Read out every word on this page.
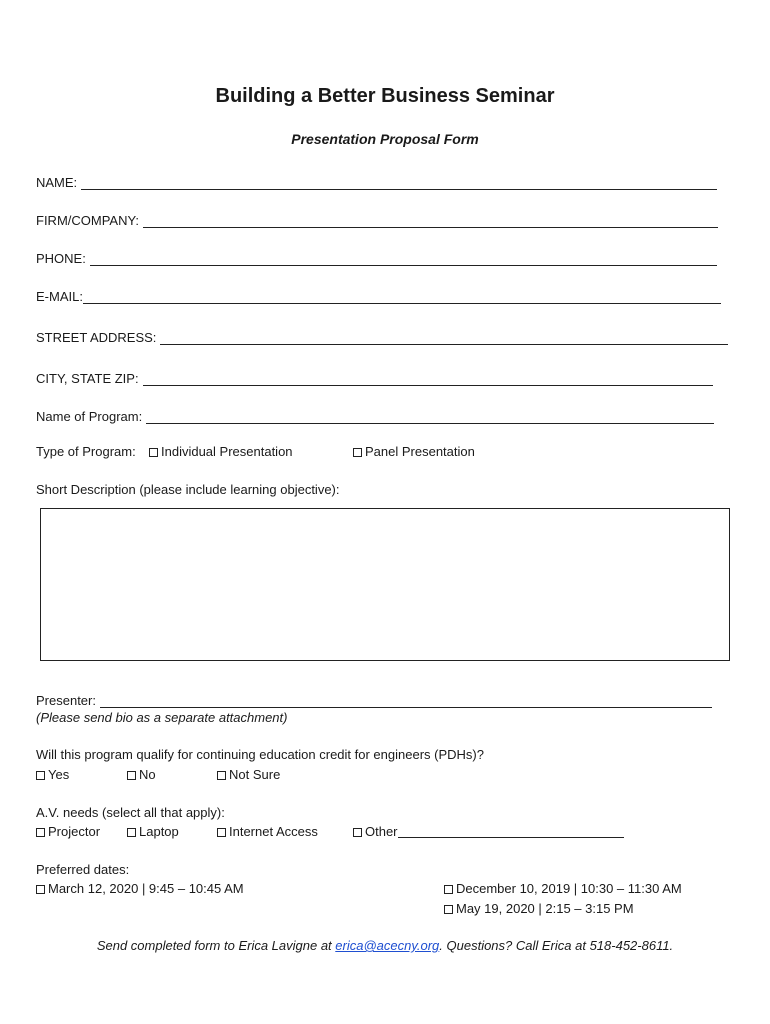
Building a Better Business Seminar
Presentation Proposal Form
NAME:
FIRM/COMPANY:
PHONE:
E-MAIL:
STREET ADDRESS:
CITY, STATE ZIP:
Name of Program:
Type of Program:	Individual Presentation	Panel Presentation
Short Description (please include learning objective):
Presenter:
(Please send bio as a separate attachment)
Will this program qualify for continuing education credit for engineers (PDHs)?
Yes	No	Not Sure
A.V. needs (select all that apply):
Projector	Laptop	Internet Access	Other
Preferred dates:
March 12, 2020 | 9:45 – 10:45 AM	December 10, 2019 | 10:30 – 11:30 AM
May 19, 2020 | 2:15 – 3:15 PM
Send completed form to Erica Lavigne at erica@acecny.org. Questions? Call Erica at 518-452-8611.
